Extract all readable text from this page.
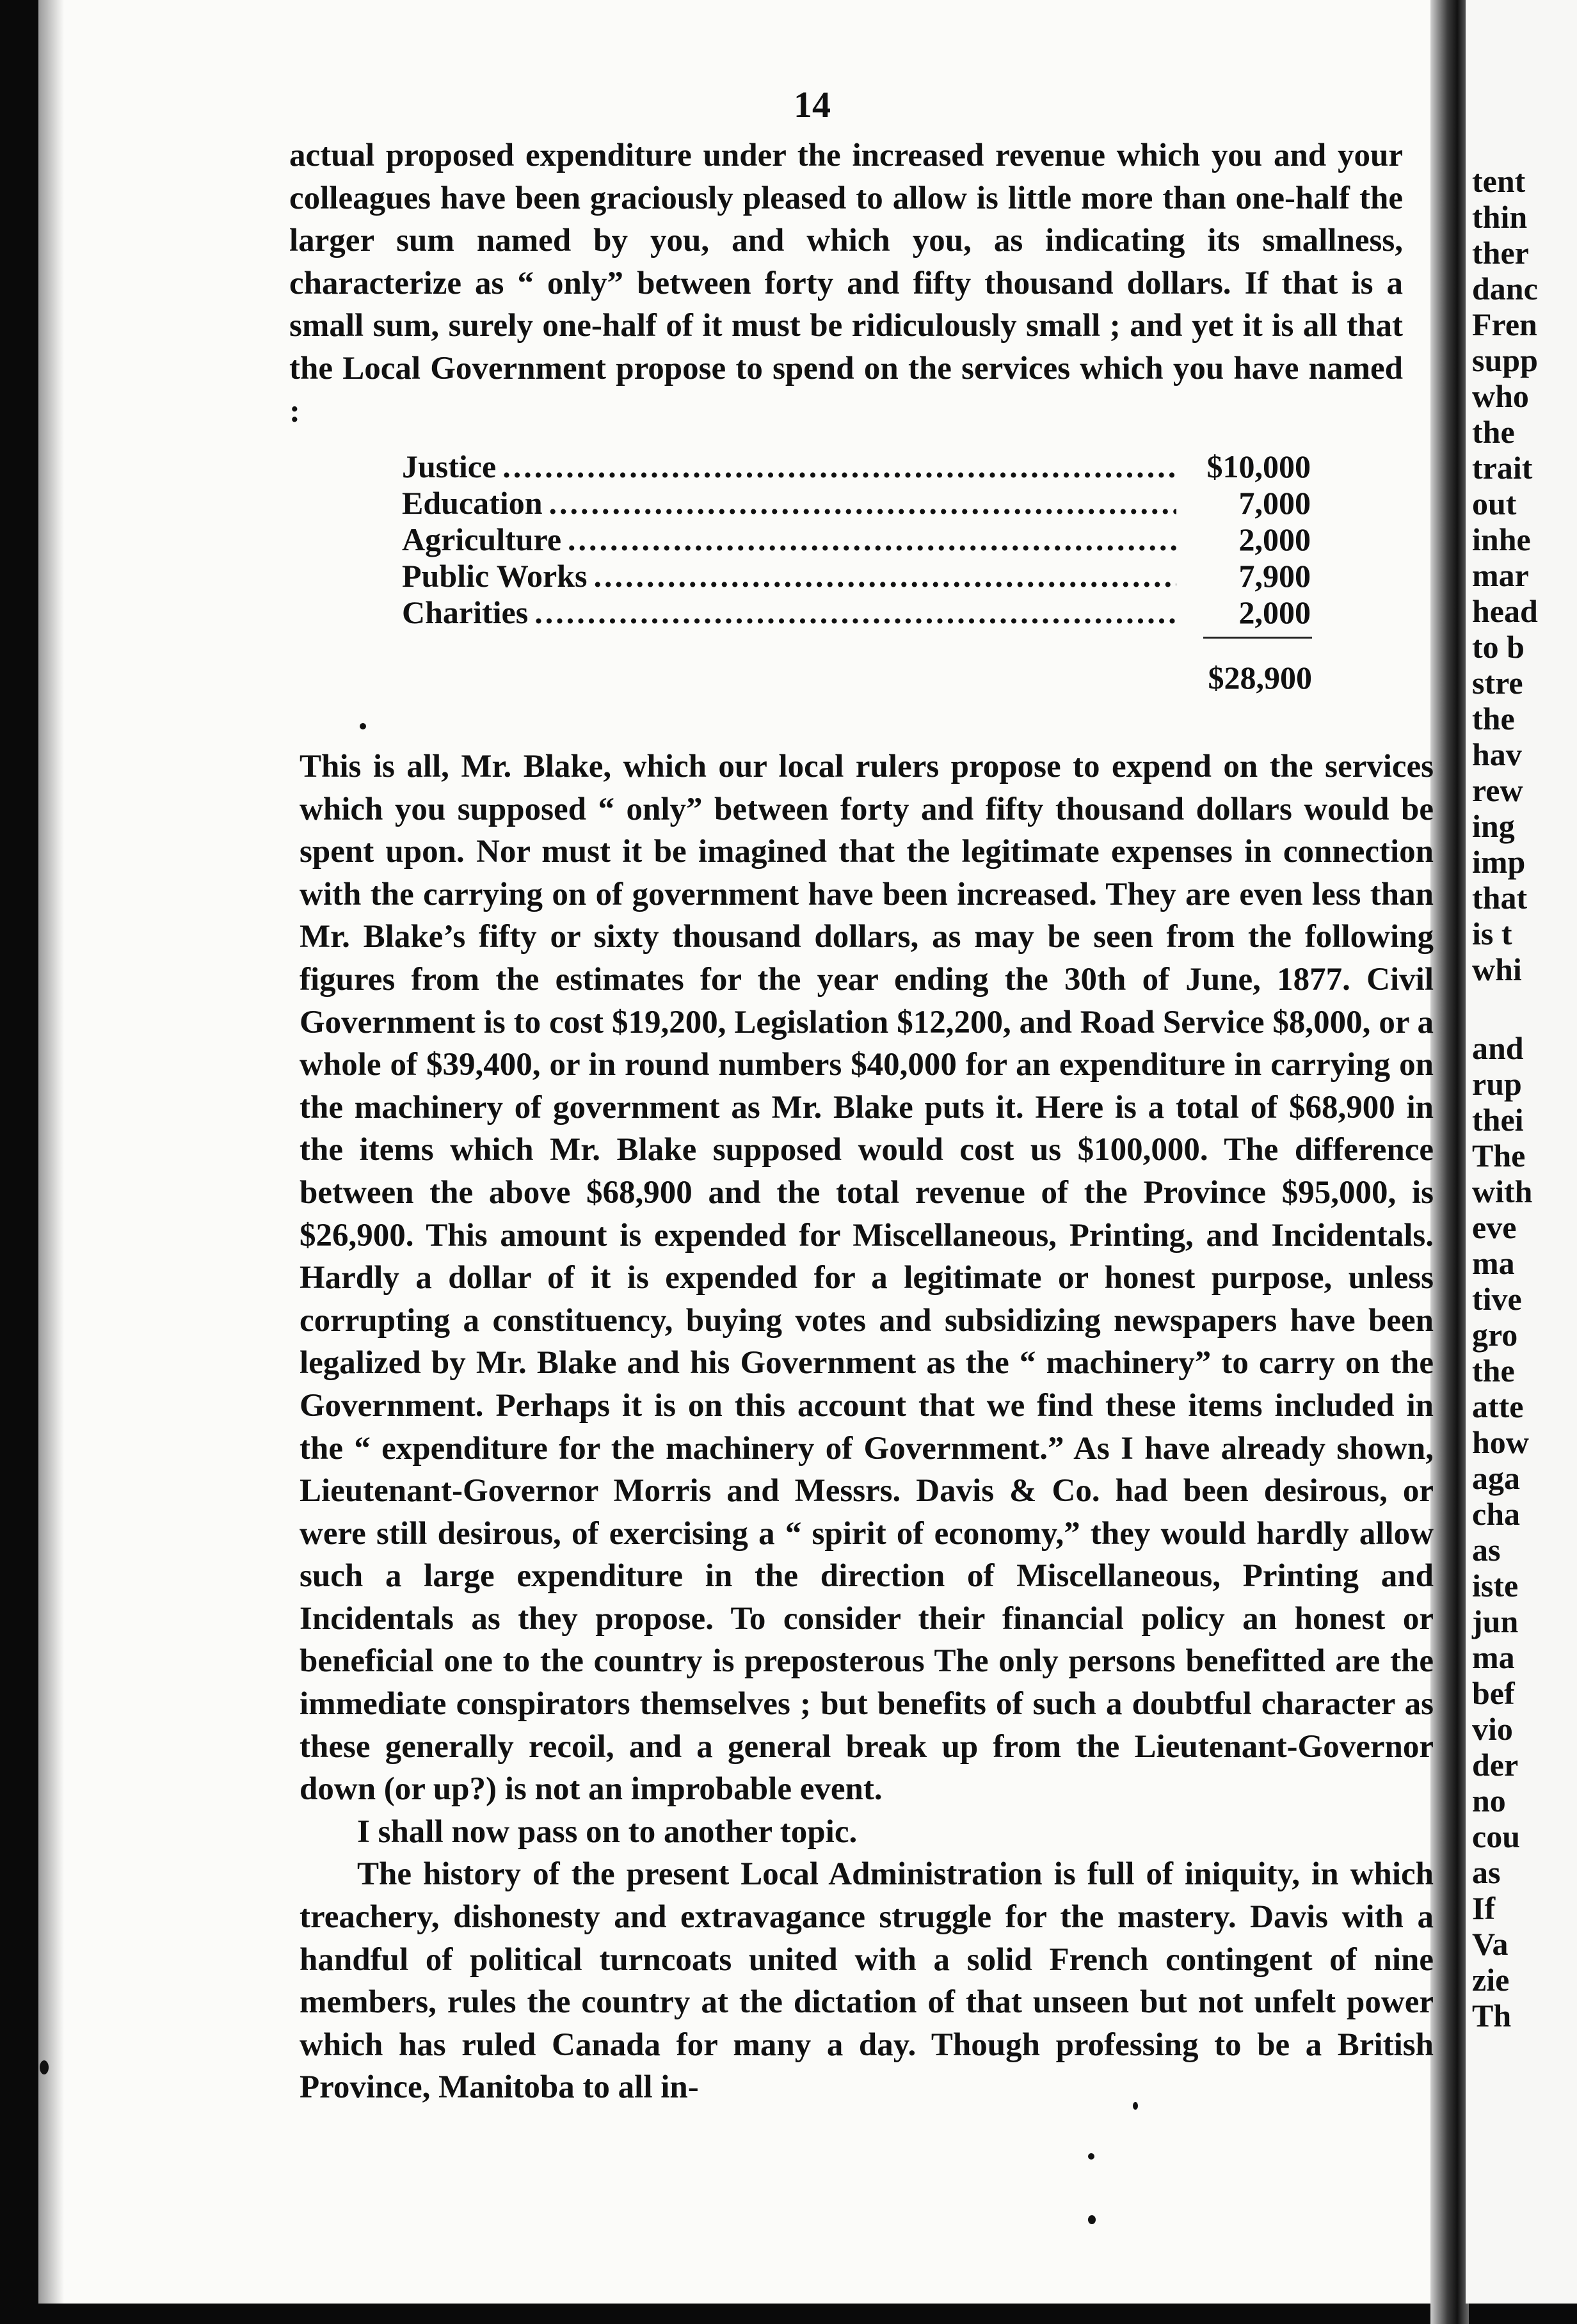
14

actual proposed expenditure under the increased revenue which you and your colleagues have been graciously pleased to allow is little more than one-half the larger sum named by you, and which you, as indicating its smallness, characterize as “ only” between forty and fifty thousand dollars. If that is a small sum, surely one-half of it must be ridiculously small ; and yet it is all that the Local Government propose to spend on the services which you have named :

Justice .....	$10,000
Education .....	7,000
Agriculture .....	2,000
Public Works .....	7,900
Charities .....	2,000
$28,900

This is all, Mr. Blake, which our local rulers propose to expend on the services which you supposed “ only” between forty and fifty thousand dollars would be spent upon. Nor must it be imagined that the legitimate expenses in connection with the carrying on of government have been increased. They are even less than Mr. Blake’s fifty or sixty thousand dollars, as may be seen from the following figures from the estimates for the year ending the 30th of June, 1877. Civil Government is to cost $19,200, Legislation $12,200, and Road Service $8,000, or a whole of $39,400, or in round numbers $40,000 for an expenditure in carrying on the machinery of government as Mr. Blake puts it. Here is a total of $68,900 in the items which Mr. Blake supposed would cost us $100,000. The difference between the above $68,900 and the total revenue of the Province $95,000, is $26,900. This amount is expended for Miscellaneous, Printing, and Incidentals. Hardly a dollar of it is expended for a legitimate or honest purpose, unless corrupting a constituency, buying votes and subsidizing newspapers have been legalized by Mr. Blake and his Government as the “ machinery” to carry on the Government. Perhaps it is on this account that we find these items included in the “ expenditure for the machinery of Government.” As I have already shown, Lieutenant-Governor Morris and Messrs. Davis & Co. had been desirous, or were still desirous, of exercising a “ spirit of economy,” they would hardly allow such a large expenditure in the direction of Miscellaneous, Printing and Incidentals as they propose. To consider their financial policy an honest or beneficial one to the country is preposterous The only persons benefitted are the immediate conspirators themselves ; but benefits of such a doubtful character as these generally recoil, and a general break up from the Lieutenant-Governor down (or up?) is not an improbable event.

I shall now pass on to another topic.

The history of the present Local Administration is full of iniquity, in which treachery, dishonesty and extravagance struggle for the mastery. Davis with a handful of political turncoats united with a solid French contingent of nine members, rules the country at the dictation of that unseen but not unfelt power which has ruled Canada for many a day. Though professing to be a British Province, Manitoba to all in-

tent
thin
ther
danc
Fren
supp
who
the
trait
out
inhe
mar
head
to b
stre
the
hav
rew
ing
imp
that
is t
whi
and
rup
thei
The
with
eve
ma
tive
gro
the
atte
how
aga
cha
as
iste
jun
ma
bef
vio
der
no
cou
as
If
Va
zie
Th
